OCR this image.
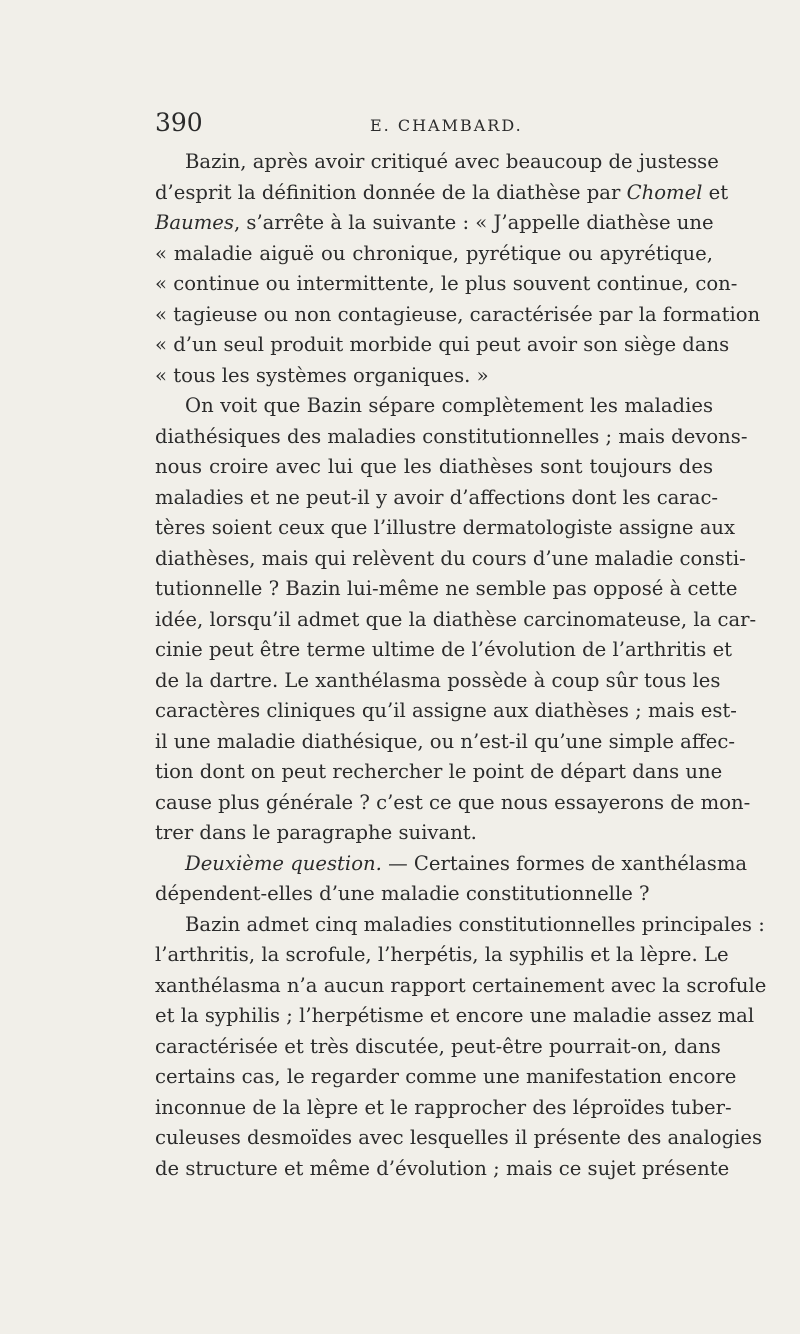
390	E. CHAMBARD.
Bazin, après avoir critiqué avec beaucoup de justesse
d’esprit la définition donnée de la diathèse par Chomel et
Baumes, s’arrête à la suivante : « J’appelle diathèse une
« maladie aiguë ou chronique, pyrétique ou apyrétique,
« continue ou intermittente, le plus souvent continue, con-
« tagieuse ou non contagieuse, caractérisée par la formation
« d’un seul produit morbide qui peut avoir son siège dans
« tous les systèmes organiques. »
On voit que Bazin sépare complètement les maladies
diathésiques des maladies constitutionnelles ; mais devons-
nous croire avec lui que les diathèses sont toujours des
maladies et ne peut-il y avoir d’affections dont les carac-
tères soient ceux que l’illustre dermatologiste assigne aux
diathèses, mais qui relèvent du cours d’une maladie consti-
tutionnelle ? Bazin lui-même ne semble pas opposé à cette
idée, lorsqu’il admet que la diathèse carcinomateuse, la car-
cinie peut être terme ultime de l’évolution de l’arthritis et
de la dartre. Le xanthélasma possède à coup sûr tous les
caractères cliniques qu’il assigne aux diathèses ; mais est-
il une maladie diathésique, ou n’est-il qu’une simple affec-
tion dont on peut rechercher le point de départ dans une
cause plus générale ? c’est ce que nous essayerons de mon-
trer dans le paragraphe suivant.
Deuxième question. — Certaines formes de xanthélasma
dépendent-elles d’une maladie constitutionnelle ?
Bazin admet cinq maladies constitutionnelles principales :
l’arthritis, la scrofule, l’herpétis, la syphilis et la lèpre. Le
xanthélasma n’a aucun rapport certainement avec la scrofule
et la syphilis ; l’herpétisme et encore une maladie assez mal
caractérisée et très discutée, peut-être pourrait-on, dans
certains cas, le regarder comme une manifestation encore
inconnue de la lèpre et le rapprocher des léproïdes tuber-
culeuses desmoïdes avec lesquelles il présente des analogies
de structure et même d’évolution ; mais ce sujet présente
